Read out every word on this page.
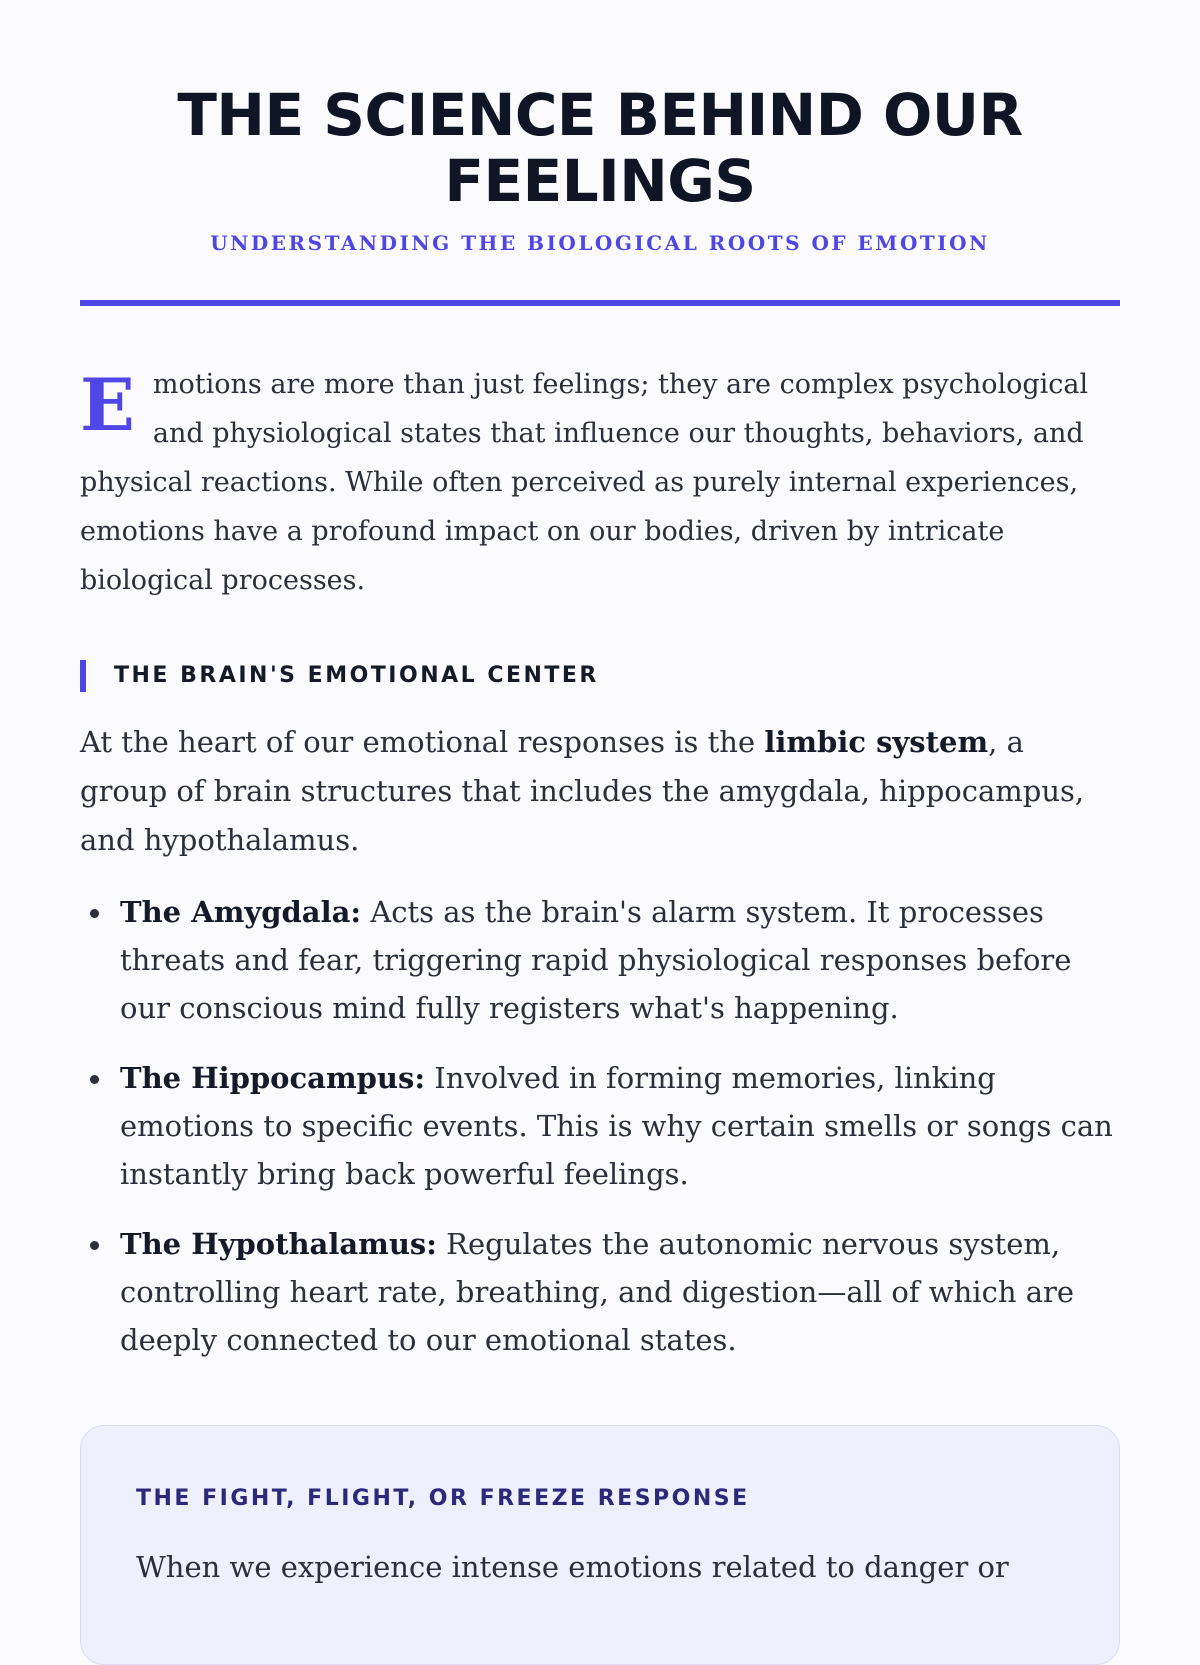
THE SCIENCE BEHIND OUR FEELINGS
UNDERSTANDING THE BIOLOGICAL ROOTS OF EMOTION

Emotions are more than just feelings; they are complex psychological and physiological states that influence our thoughts, behaviors, and physical reactions. While often perceived as purely internal experiences, emotions have a profound impact on our bodies, driven by intricate biological processes.

THE BRAIN'S EMOTIONAL CENTER

At the heart of our emotional responses is the limbic system, a group of brain structures that includes the amygdala, hippocampus, and hypothalamus.

The Amygdala: Acts as the brain's alarm system. It processes threats and fear, triggering rapid physiological responses before our conscious mind fully registers what's happening.
The Hippocampus: Involved in forming memories, linking emotions to specific events. This is why certain smells or songs can instantly bring back powerful feelings.
The Hypothalamus: Regulates the autonomic nervous system, controlling heart rate, breathing, and digestion—all of which are deeply connected to our emotional states.
THE FIGHT, FLIGHT, OR FREEZE RESPONSE

When we experience intense emotions related to danger or
